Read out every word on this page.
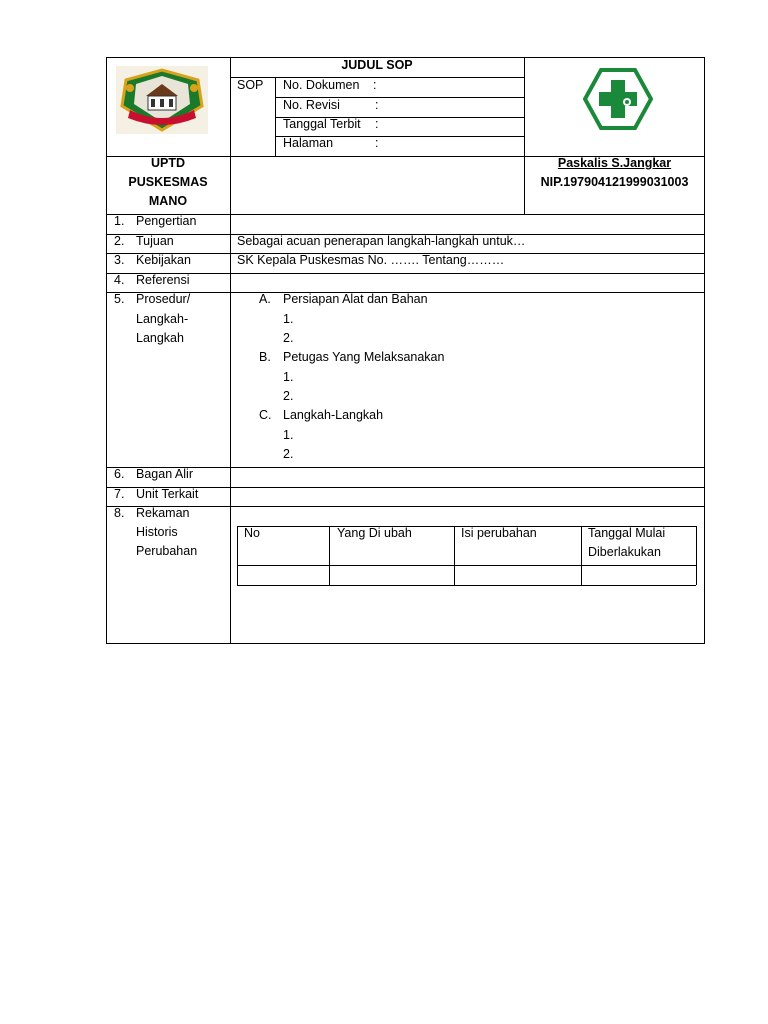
JUDUL SOP
SOP No. Dokumen :
No. Revisi	:
Tanggal Terbit :
Halaman	:
UPTD
PUSKESMAS
MANO
Paskalis S.Jangkar
NIP.197904121999031003
1. Pengertian
2. Tujuan	Sebagai acuan penerapan langkah-langkah untuk…
3. Kebijakan	SK Kepala Puskesmas No. ……. Tentang………
4. Referensi
5. Prosedur/
Langkah-
Langkah
A. Persiapan Alat dan Bahan
1.
2.
B. Petugas Yang Melaksanakan
1.
2.
C. Langkah-Langkah
1.
2.
6. Bagan Alir
7. Unit Terkait
8. Rekaman
Historis
Perubahan
No	Yang Di ubah	Isi perubahan	Tanggal Mulai
Diberlakukan
